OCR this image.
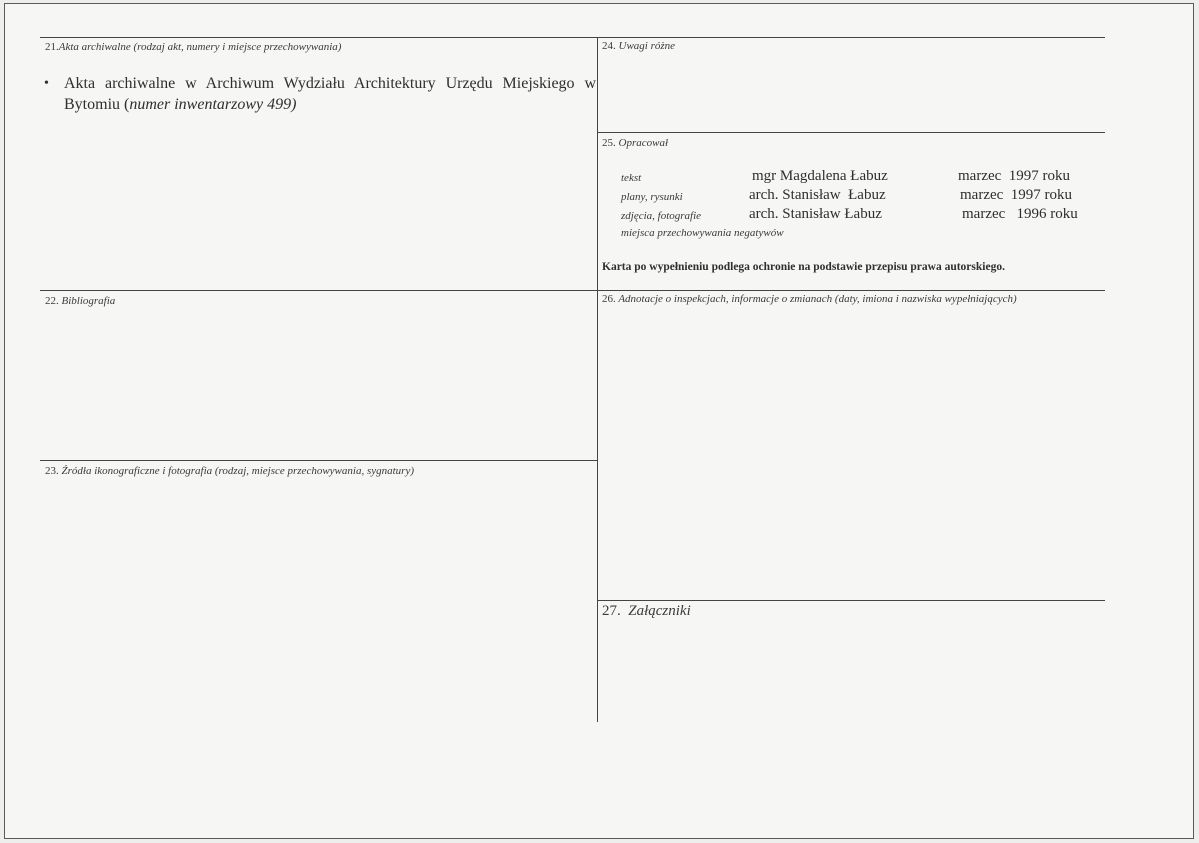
21.Akta archiwalne (rodzaj akt, numery i miejsce przechowywania)
• Akta archiwalne w Archiwum Wydziału Architektury Urzędu Miejskiego w Bytomiu (numer inwentarzowy 499)
24. Uwagi różne
25. Opracował
tekst	mgr Magdalena Łabuz	marzec  1997 roku
plany, rysunki	arch. Stanisław  Łabuz	marzec  1997 roku
zdjęcia, fotografie	arch. Stanisław Łabuz	marzec   1996 roku
miejsca przechowywania negatywów
Karta po wypełnieniu podlega ochronie na podstawie przepisu prawa autorskiego.
22. Bibliografia	26. Adnotacje o inspekcjach, informacje o zmianach (daty, imiona i nazwiska wypełniających)
23. Źródła ikonograficzne i fotografia (rodzaj, miejsce przechowywania, sygnatury)
27. Załączniki
